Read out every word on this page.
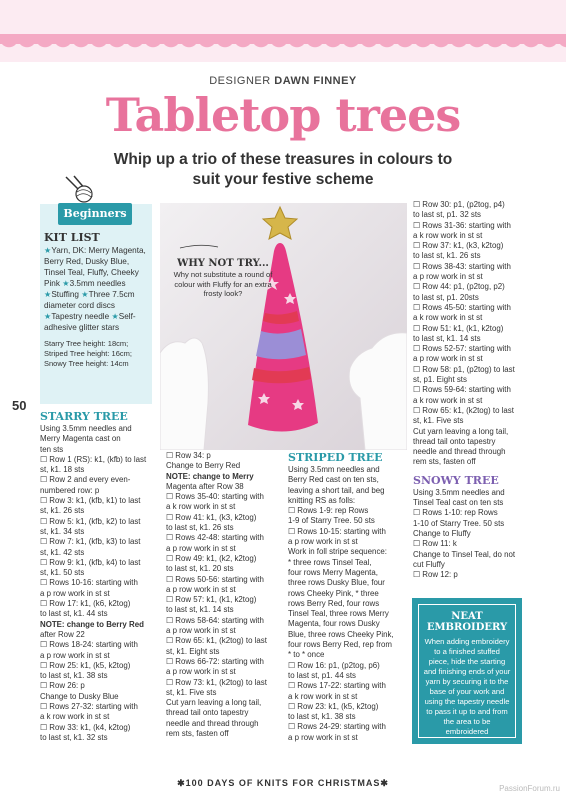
DESIGNER DAWN FINNEY
Tabletop trees
Whip up a trio of these treasures in colours to suit your festive scheme
KIT LIST
★Yarn, DK: Merry Magenta, Berry Red, Dusky Blue, Tinsel Teal, Fluffy, Cheeky Pink ★3.5mm needles ★Stuffing ★Three 7.5cm diameter cord discs ★Tapestry needle ★Self-adhesive glitter stars
Starry Tree height: 18cm;
Striped Tree height: 16cm;
Snowy Tree height: 14cm
Beginners
50
WHY NOT TRY...

Why not substitute a round of colour with Fluffy for an extra frosty look?

STARRY TREE
Using 3.5mm needles and
Merry Magenta cast on
ten sts
☐ Row 1 (RS): k1, (kfb) to last
st, k1. 18 sts
☐ Row 2 and every even-
numbered row: p
☐ Row 3: k1, (kfb, k1) to last
st, k1. 26 sts
☐ Row 5: k1, (kfb, k2) to last
st, k1. 34 sts
☐ Row 7: k1, (kfb, k3) to last
st, k1. 42 sts
☐ Row 9: k1, (kfb, k4) to last
st, k1. 50 sts
☐ Rows 10-16: starting with
a p row work in st st
☐ Row 17: k1, (k6, k2tog)
to last st, k1. 44 sts
NOTE: change to Berry Red
after Row 22
☐ Rows 18-24: starting with
a p row work in st st
☐ Row 25: k1, (k5, k2tog)
to last st, k1. 38 sts
☐ Row 26: p
Change to Dusky Blue
☐ Rows 27-32: starting with
a k row work in st st
☐ Row 33: k1, (k4, k2tog)
to last st, k1. 32 sts
☐ Row 34: p
Change to Berry Red
NOTE: change to Merry
Magenta after Row 38
☐ Rows 35-40: starting with
a k row work in st st
☐ Row 41: k1, (k3, k2tog)
to last st, k1. 26 sts
☐ Rows 42-48: starting with
a p row work in st st
☐ Row 49: k1, (k2, k2tog)
to last st, k1. 20 sts
☐ Rows 50-56: starting with
a p row work in st st
☐ Row 57: k1, (k1, k2tog)
to last st, k1. 14 sts
☐ Rows 58-64: starting with
a p row work in st st
☐ Row 65: k1, (k2tog) to last
st, k1. Eight sts
☐ Rows 66-72: starting with
a p row work in st st
☐ Row 73: k1, (k2tog) to last
st, k1. Five sts
Cut yarn leaving a long tail,
thread tail onto tapestry
needle and thread through
rem sts, fasten off
STRIPED TREE
Using 3.5mm needles and
Berry Red cast on ten sts,
leaving a short tail, and beg
knitting RS as folls:
☐ Rows 1-9: rep Rows
1-9 of Starry Tree. 50 sts
☐ Rows 10-15: starting with
a p row work in st st
Work in foll stripe sequence:
* three rows Tinsel Teal,
four rows Merry Magenta,
three rows Dusky Blue, four
rows Cheeky Pink, * three
rows Berry Red, four rows
Tinsel Teal, three rows Merry
Magenta, four rows Dusky
Blue, three rows Cheeky Pink,
four rows Berry Red, rep from
* to * once
☐ Row 16: p1, (p2tog, p6)
to last st, p1. 44 sts
☐ Rows 17-22: starting with
a k row work in st st
☐ Row 23: k1, (k5, k2tog)
to last st, k1. 38 sts
☐ Rows 24-29: starting with
a p row work in st st
☐ Row 30: p1, (p2tog, p4)
to last st, p1. 32 sts
☐ Rows 31-36: starting with
a k row work in st st
☐ Row 37: k1, (k3, k2tog)
to last st, k1. 26 sts
☐ Rows 38-43: starting with
a p row work in st st
☐ Row 44: p1, (p2tog, p2)
to last st, p1. 20sts
☐ Rows 45-50: starting with
a k row work in st st
☐ Row 51: k1, (k1, k2tog)
to last st, k1. 14 sts
☐ Rows 52-57: starting with
a p row work in st st
☐ Row 58: p1, (p2tog) to last
st, p1. Eight sts
☐ Rows 59-64: starting with
a k row work in st st
☐ Row 65: k1, (k2tog) to last
st, k1. Five sts
Cut yarn leaving a long tail,
thread tail onto tapestry
needle and thread through
rem sts, fasten off
SNOWY TREE
Using 3.5mm needles and
Tinsel Teal cast on ten sts
☐ Rows 1-10: rep Rows
1-10 of Starry Tree. 50 sts
Change to Fluffy
☐ Row 11: k
Change to Tinsel Teal, do not
cut Fluffy
☐ Row 12: p
NEAT
EMBROIDERY

When adding embroidery to a finished stuffed piece, hide the starting and finishing ends of your yarn by securing it to the base of your work and using the tapestry needle to pass it up to and from the area to be embroidered

✱100 DAYS OF KNITS FOR CHRISTMAS✱
PassionForum.ru
